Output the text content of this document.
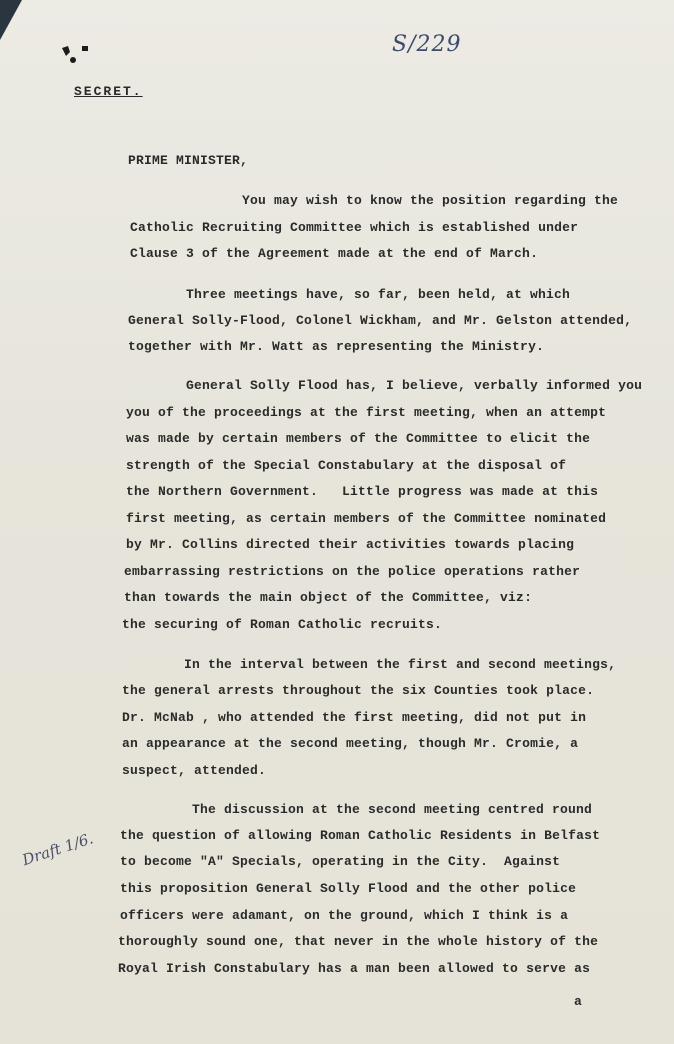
S/229
SECRET.
PRIME MINISTER,
You may wish to know the position regarding the
Catholic Recruiting Committee which is established under
Clause 3 of the Agreement made at the end of March.
Three meetings have, so far, been held, at which
General Solly-Flood, Colonel Wickham, and Mr. Gelston attended,
together with Mr. Watt as representing the Ministry.
General Solly Flood has, I believe, verbally informed you
you of the proceedings at the first meeting, when an attempt
was made by certain members of the Committee to elicit the
strength of the Special Constabulary at the disposal of
the Northern Government.   Little progress was made at this
first meeting, as certain members of the Committee nominated
by Mr. Collins directed their activities towards placing
embarrassing restrictions on the police operations rather
than towards the main object of the Committee, viz:
the securing of Roman Catholic recruits.
In the interval between the first and second meetings,
the general arrests throughout the six Counties took place.
Dr. McNab , who attended the first meeting, did not put in
an appearance at the second meeting, though Mr. Cromie, a
suspect, attended.
The discussion at the second meeting centred round
the question of allowing Roman Catholic Residents in Belfast
to become "A" Specials, operating in the City.  Against
this proposition General Solly Flood and the other police
officers were adamant, on the ground, which I think is a
thoroughly sound one, that never in the whole history of the
Royal Irish Constabulary has a man been allowed to serve as
Draft 1/6.
a
